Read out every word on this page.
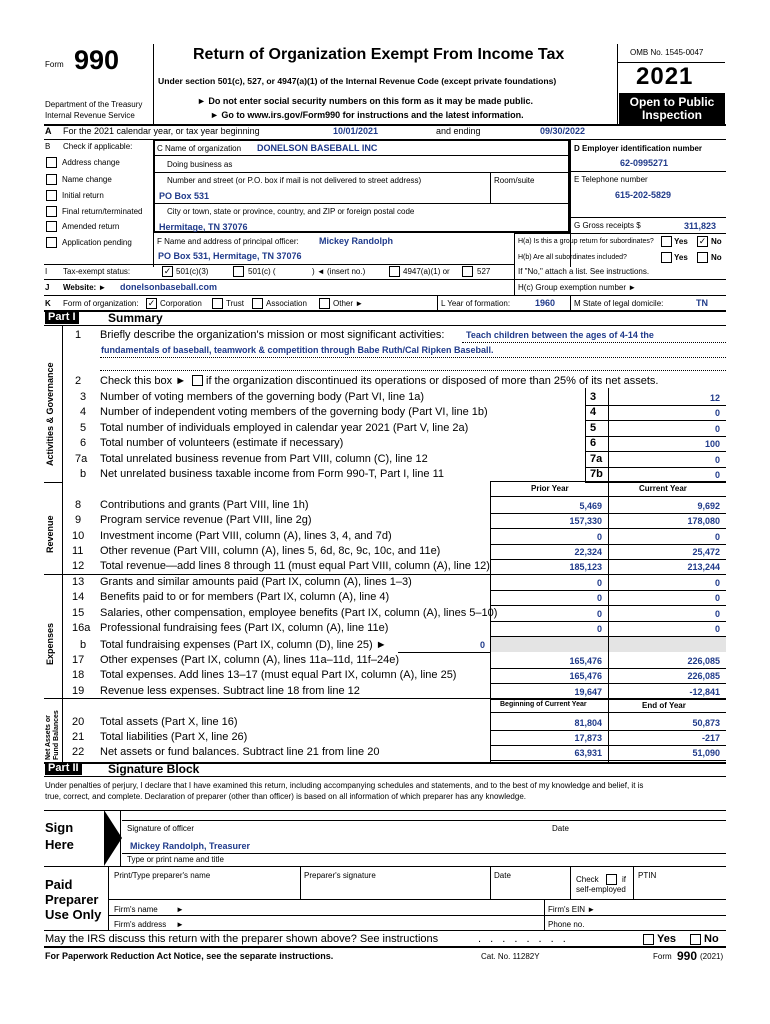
Form 990
Department of the Treasury
Internal Revenue Service
Return of Organization Exempt From Income Tax
Under section 501(c), 527, or 4947(a)(1) of the Internal Revenue Code (except private foundations)
► Do not enter social security numbers on this form as it may be made public.
► Go to www.irs.gov/Form990 for instructions and the latest information.
OMB No. 1545-0047
2021
Open to Public
Inspection
A For the 2021 calendar year, or tax year beginning	10/01/2021	and ending	09/30/2022
B Check if applicable:
Address change
Name change
Initial return
Final return/terminated
Amended return
Application pending
C Name of organization DONELSON BASEBALL INC
Doing business as
Number and street (or P.O. box if mail is not delivered to street address)	Room/suite
PO Box 531
City or town, state or province, country, and ZIP or foreign postal code
Hermitage, TN 37076
D Employer identification number
62-0995271
E Telephone number
615-202-5829
G Gross receipts $	311,823
F Name and address of principal officer: Mickey Randolph
PO Box 531, Hermitage, TN 37076
H(a) Is this a group return for subordinates?	Yes ✓ No
H(b) Are all subordinates included?	Yes	No
If "No," attach a list. See instructions.
I Tax-exempt status:	✓ 501(c)(3)	501(c) (	) ◄ (insert no.)	4947(a)(1) or	527
J Website: ► donelsonbaseball.com	H(c) Group exemption number ►
K Form of organization: ✓ Corporation	Trust	Association	Other ►	L Year of formation:	1960 M State of legal domicile:	TN
Part I	Summary
Activities & Governance
Revenue
Expenses
Net Assets or Fund Balances
1 Briefly describe the organization's mission or most significant activities: Teach children between the ages of 4-14 the
fundamentals of baseball, teamwork & competition through Babe Ruth/Cal Ripken Baseball.
2 Check this box ► if the organization discontinued its operations or disposed of more than 25% of its net assets.
3 Number of voting members of the governing body (Part VI, line 1a)	3	12
4 Number of independent voting members of the governing body (Part VI, line 1b)	4	0
5 Total number of individuals employed in calendar year 2021 (Part V, line 2a)	5	0
6 Total number of volunteers (estimate if necessary)	6	100
7a Total unrelated business revenue from Part VIII, column (C), line 12	7a	0
b Net unrelated business taxable income from Form 990-T, Part I, line 11	7b	0
Prior Year	Current Year
8 Contributions and grants (Part VIII, line 1h)	5,469	9,692
9 Program service revenue (Part VIII, line 2g)	157,330	178,080
10 Investment income (Part VIII, column (A), lines 3, 4, and 7d)	0	0
11 Other revenue (Part VIII, column (A), lines 5, 6d, 8c, 9c, 10c, and 11e)	22,324	25,472
12 Total revenue—add lines 8 through 11 (must equal Part VIII, column (A), line 12)	185,123	213,244
13 Grants and similar amounts paid (Part IX, column (A), lines 1–3)	0	0
14 Benefits paid to or for members (Part IX, column (A), line 4)	0	0
15 Salaries, other compensation, employee benefits (Part IX, column (A), lines 5–10)	0	0
16a Professional fundraising fees (Part IX, column (A), line 11e)	0	0
b Total fundraising expenses (Part IX, column (D), line 25) ►	0
17 Other expenses (Part IX, column (A), lines 11a–11d, 11f–24e)	165,476	226,085
18 Total expenses. Add lines 13–17 (must equal Part IX, column (A), line 25)	165,476	226,085
19 Revenue less expenses. Subtract line 18 from line 12	19,647	-12,841
Beginning of Current Year	End of Year
20 Total assets (Part X, line 16)	81,804	50,873
21 Total liabilities (Part X, line 26)	17,873	-217
22 Net assets or fund balances. Subtract line 21 from line 20	63,931	51,090
Part II Signature Block
Under penalties of perjury, I declare that I have examined this return, including accompanying schedules and statements, and to the best of my knowledge and belief, it is
true, correct, and complete. Declaration of preparer (other than officer) is based on all information of which preparer has any knowledge.
Sign
Here
Signature of officer	Date
Mickey Randolph, Treasurer
Type or print name and title
Paid
Preparer
Use Only
Print/Type preparer's name	Preparer's signature	Date	Check	if
self-employed
PTIN
Firm's name ►	Firm's EIN ►
Firm's address ►	Phone no.
May the IRS discuss this return with the preparer shown above? See instructions	. . . . . . . .	Yes	No
For Paperwork Reduction Act Notice, see the separate instructions.	Cat. No. 11282Y	Form 990 (2021)
